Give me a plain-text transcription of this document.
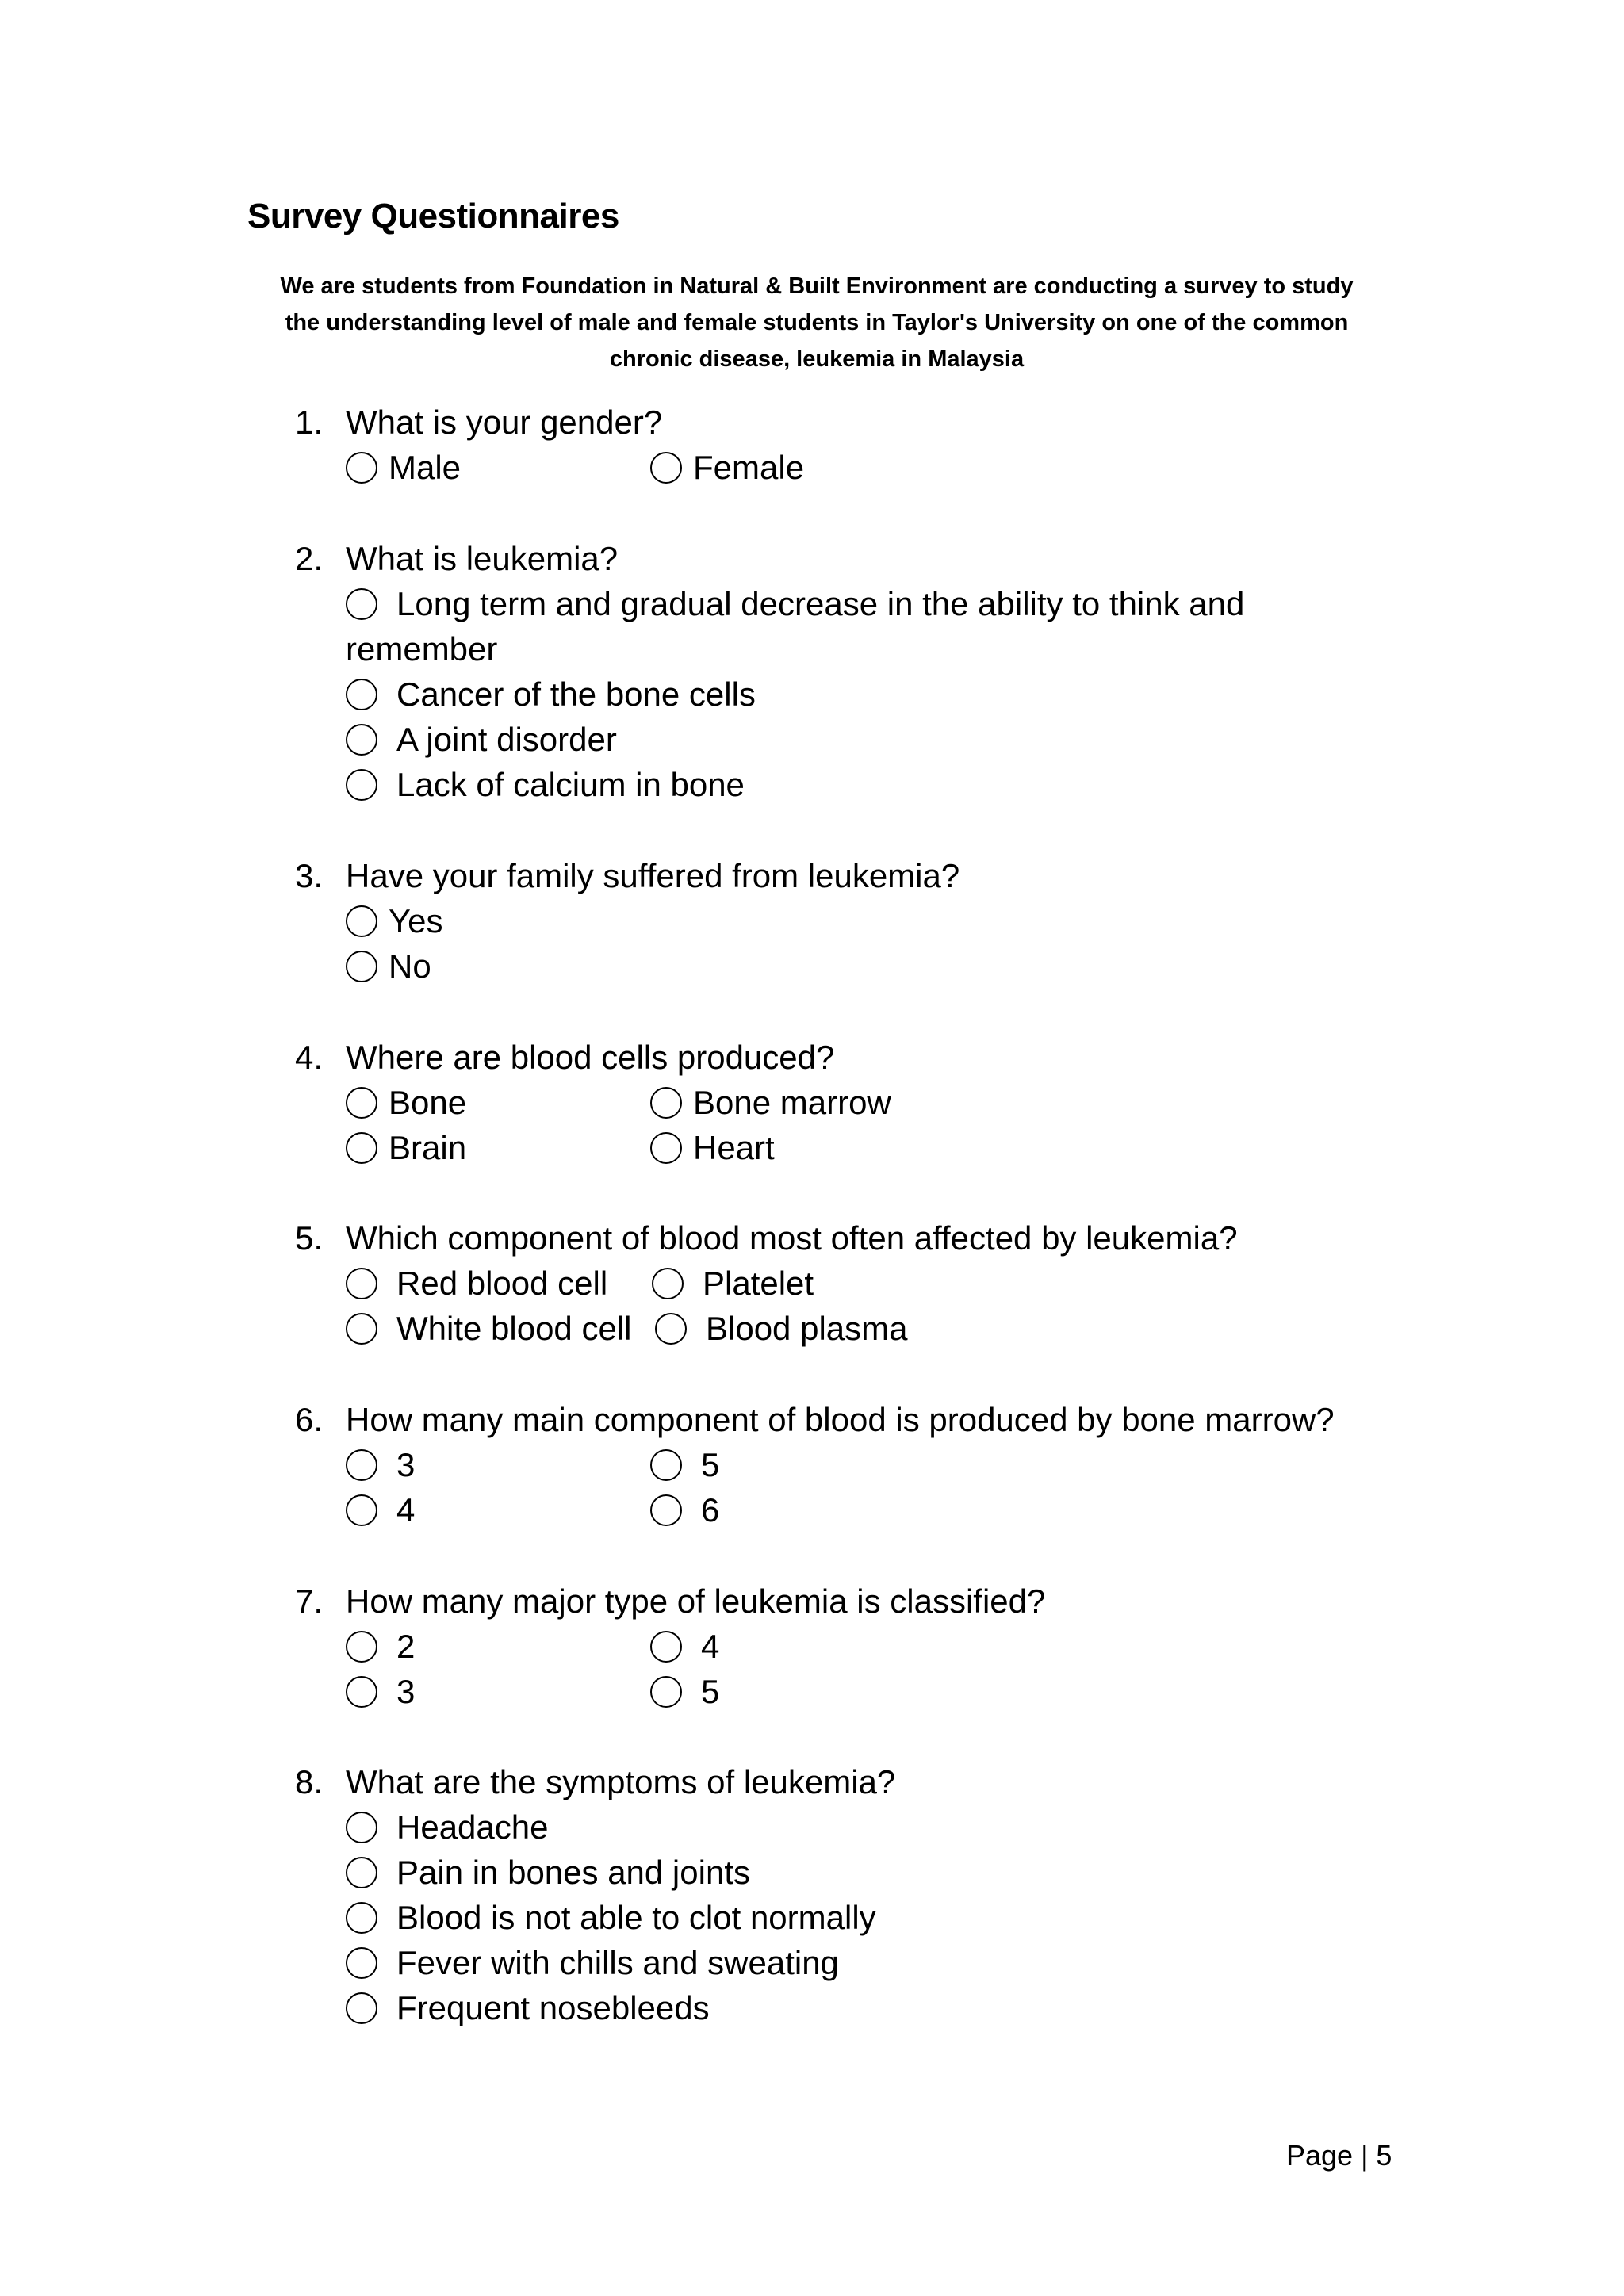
Survey Questionnaires
We are students from Foundation in Natural & Built Environment are conducting a survey to study
the understanding level of male and female students in Taylor's University on one of the common
chronic disease, leukemia in Malaysia
1. What is your gender?
Male	Female
2. What is leukemia?
Long term and gradual decrease in the ability to think and
remember
Cancer of the bone cells
A joint disorder
Lack of calcium in bone
3. Have your family suffered from leukemia?
Yes
No
4. Where are blood cells produced?
Bone	Bone marrow
Brain	Heart
5. Which component of blood most often affected by leukemia?
Red blood cell	Platelet
White blood cell Blood plasma
6. How many main component of blood is produced by bone marrow?
3	5
4	6
7. How many major type of leukemia is classified?
2	4
3	5
8. What are the symptoms of leukemia?
Headache
Pain in bones and joints
Blood is not able to clot normally
Fever with chills and sweating
Frequent nosebleeds
Page | 5
